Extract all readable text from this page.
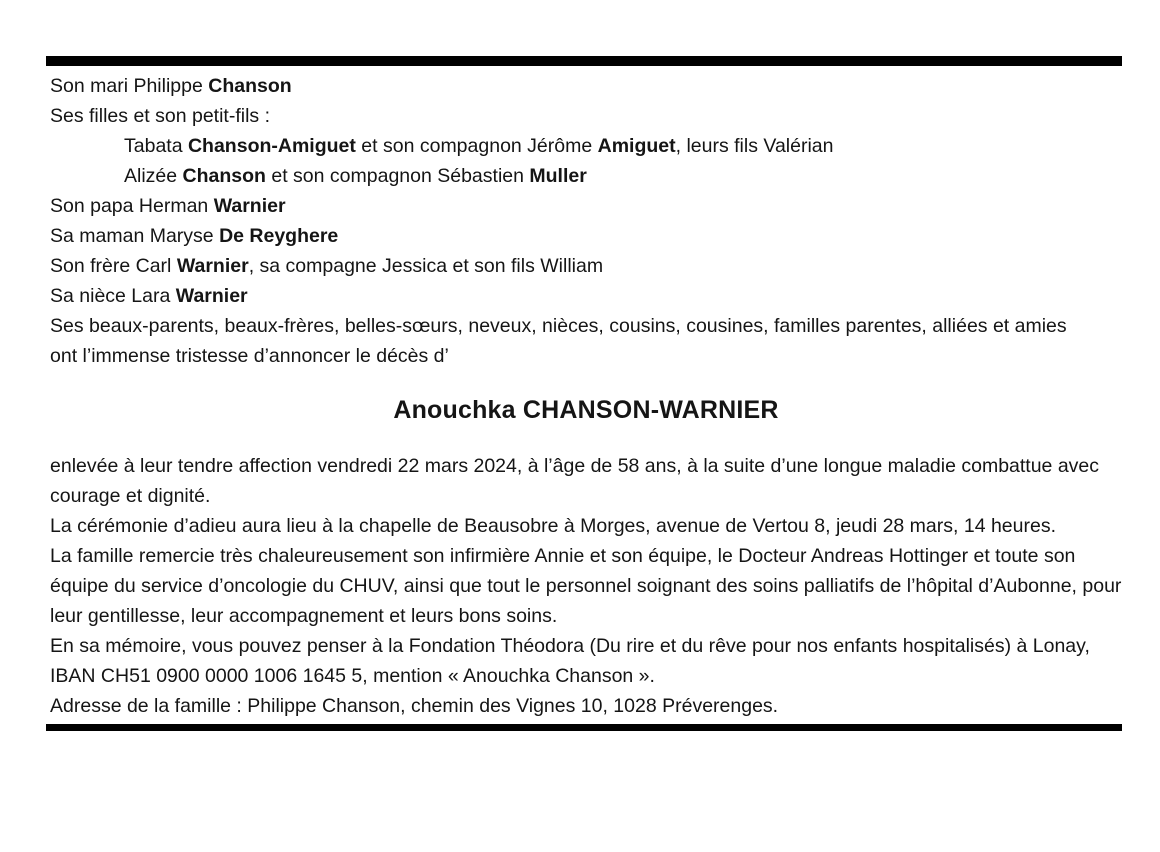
Son mari Philippe Chanson
Ses filles et son petit-fils :
Tabata Chanson-Amiguet et son compagnon Jérôme Amiguet, leurs fils Valérian
Alizée Chanson et son compagnon Sébastien Muller
Son papa Herman Warnier
Sa maman Maryse De Reyghere
Son frère Carl Warnier, sa compagne Jessica et son fils William
Sa nièce Lara Warnier
Ses beaux-parents, beaux-frères, belles-sœurs, neveux, nièces, cousins, cousines, familles parentes, alliées et amies
ont l’immense tristesse d’annoncer le décès d’
Anouchka CHANSON-WARNIER

enlevée à leur tendre affection vendredi 22 mars 2024, à l’âge de 58 ans, à la suite d’une longue maladie combattue avec courage et dignité.

La cérémonie d’adieu aura lieu à la chapelle de Beausobre à Morges, avenue de Vertou 8, jeudi 28 mars, 14 heures.

La famille remercie très chaleureusement son infirmière Annie et son équipe, le Docteur Andreas Hottinger et toute son équipe du service d’oncologie du CHUV, ainsi que tout le personnel soignant des soins palliatifs de l’hôpital d’Aubonne, pour leur gentillesse, leur accompagnement et leurs bons soins.

En sa mémoire, vous pouvez penser à la Fondation Théodora (Du rire et du rêve pour nos enfants hospitalisés) à Lonay, IBAN CH51 0900 0000 1006 1645 5, mention « Anouchka Chanson ».

Adresse de la famille : Philippe Chanson, chemin des Vignes 10, 1028 Préverenges.
